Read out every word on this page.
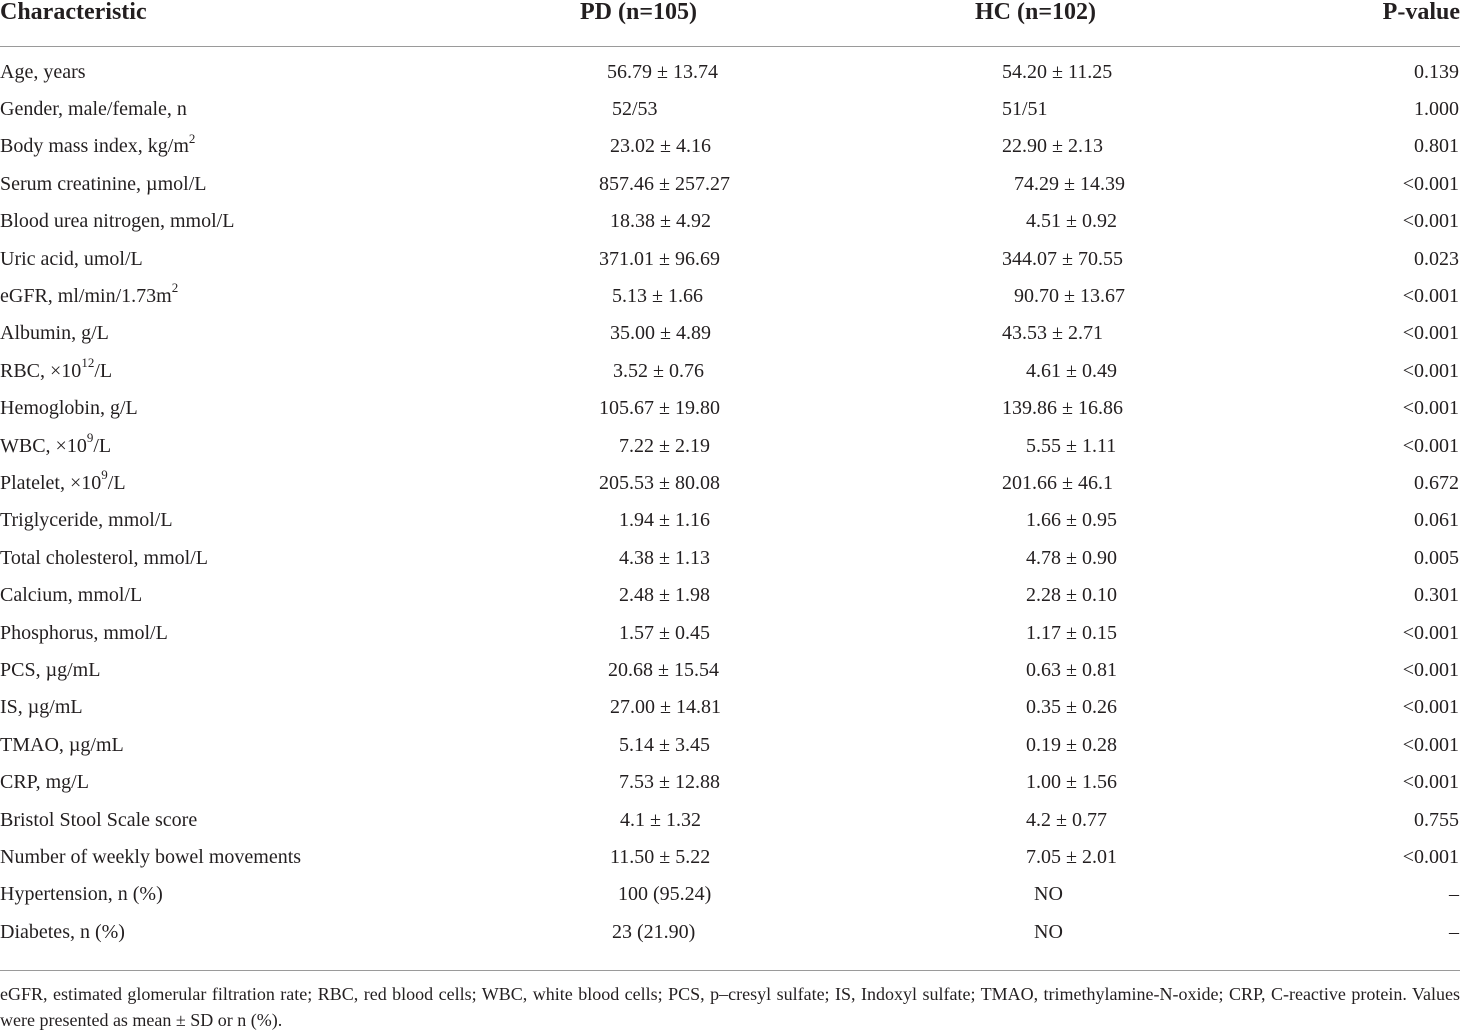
Characteristic	PD (n=105)	HC (n=102)	P-value
Age, years	56.79 ± 13.74	54.20 ± 11.25	0.139
Gender, male/female, n	52/53	51/51	1.000
Body mass index, $kg/m^2$	23.02 ± 4.16	22.90 ± 2.13	0.801
Serum creatinine, µmol/L	857.46 ± 257.27	74.29 ± 14.39	<0.001
Blood urea nitrogen, mmol/L	18.38 ± 4.92	4.51 ± 0.92	<0.001
Uric acid, umol/L	371.01 ± 96.69	344.07 ± 70.55	0.023
eGFR, $ml/\min/1.73m^2$	5.13 ± 1.66	90.70 ± 13.67	<0.001
Albumin, g/L	35.00 ± 4.89	43.53 ± 2.71	<0.001
RBC, $\times 10^{12}/L$	3.52 ± 0.76	4.61 ± 0.49	<0.001
Hemoglobin, g/L	105.67 ± 19.80	139.86 ± 16.86	<0.001
WBC, $\times 10^9/L$	7.22 ± 2.19	5.55 ± 1.11	<0.001
Platelet, $\times 10^9/L$	205.53 ± 80.08	201.66 ± 46.1	0.672
Triglyceride, mmol/L	1.94 ± 1.16	1.66 ± 0.95	0.061
Total cholesterol, mmol/L	4.38 ± 1.13	4.78 ± 0.90	0.005
Calcium, mmol/L	2.48 ± 1.98	2.28 ± 0.10	0.301
Phosphorus, mmol/L	1.57 ± 0.45	1.17 ± 0.15	<0.001
PCS, µg/mL	20.68 ± 15.54	0.63 ± 0.81	<0.001
IS, µg/mL	27.00 ± 14.81	0.35 ± 0.26	<0.001
TMAO, µg/mL	5.14 ± 3.45	0.19 ± 0.28	<0.001
CRP, mg/L	7.53 ± 12.88	1.00 ± 1.56	<0.001
Bristol Stool Scale score	4.1 ± 1.32	4.2 ± 0.77	0.755
Number of weekly bowel movements	11.50 ± 5.22	7.05 ± 2.01	<0.001
Hypertension, n (%)	100 (95.24)	NO	–
Diabetes, n (%)	23 (21.90)	NO	–
eGFR, estimated glomerular filtration rate; RBC, red blood cells; WBC, white blood cells; PCS, p–cresyl sulfate; IS, Indoxyl sulfate; TMAO, trimethylamine-N-oxide; CRP, C-reactive protein. Values were presented as mean ± SD or n (%).
